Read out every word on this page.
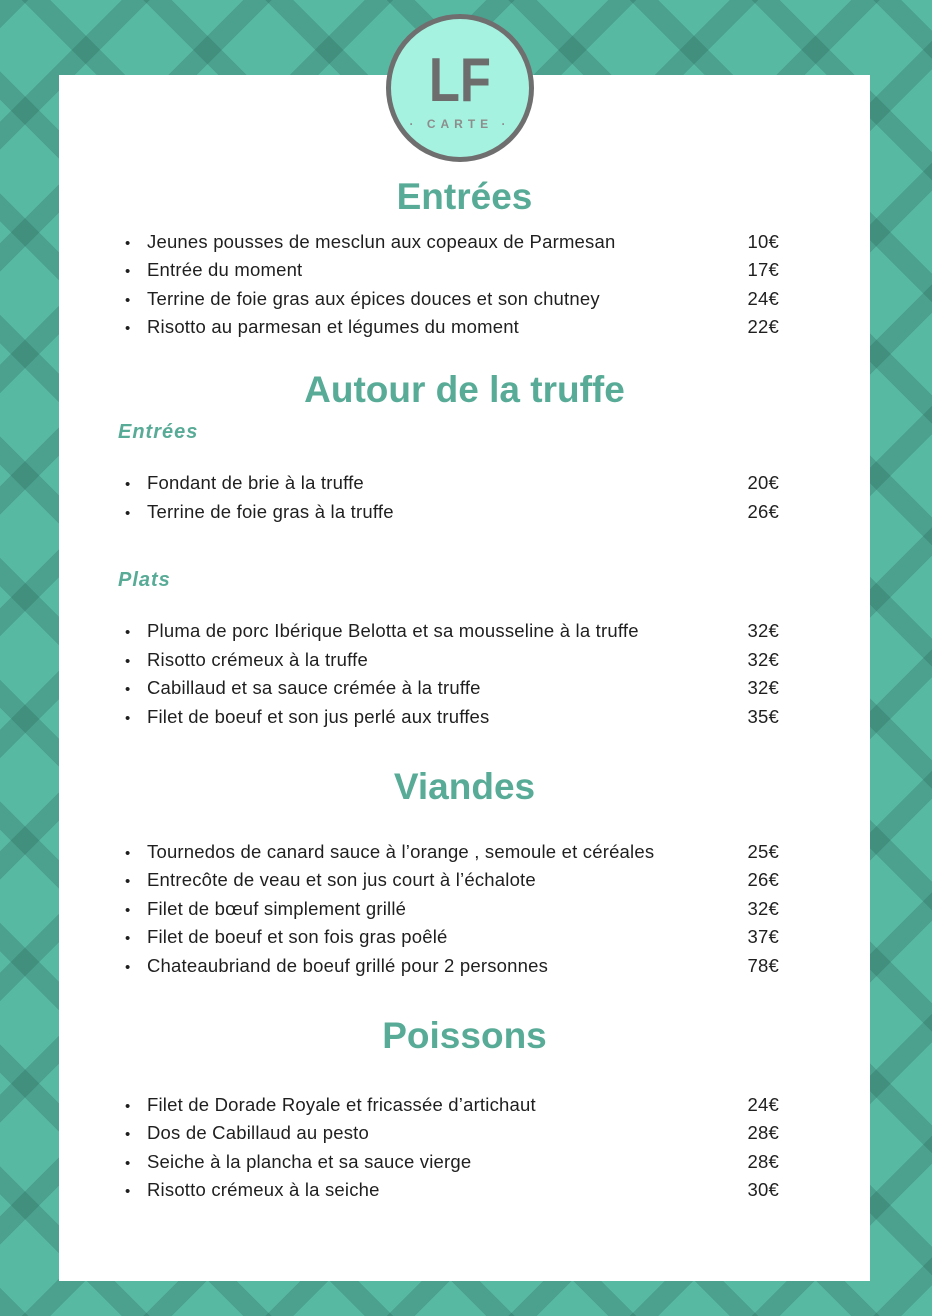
LF
· CARTE ·
Entrées
• Jeunes pousses de mesclun aux copeaux de Parmesan	10€
• Entrée du moment	17€
• Terrine de foie gras aux épices douces et son chutney	24€
• Risotto au parmesan et légumes du moment	22€
Autour de la truffe
Entrées
• Fondant de brie à la truffe	20€
• Terrine de foie gras à la truffe	26€
Plats
• Pluma de porc Ibérique Belotta et sa mousseline à la truffe	32€
• Risotto crémeux à la truffe	32€
• Cabillaud et sa sauce crémée à la truffe	32€
• Filet de boeuf et son jus perlé aux truffes	35€
Viandes
• Tournedos de canard sauce à l’orange , semoule et céréales	25€
• Entrecôte de veau et son jus court à l’échalote	26€
• Filet de bœuf simplement grillé	32€
• Filet de boeuf et son fois gras poêlé	37€
• Chateaubriand de boeuf grillé pour 2 personnes	78€
Poissons
• Filet de Dorade Royale et fricassée d’artichaut	24€
• Dos de Cabillaud au pesto	28€
• Seiche à la plancha et sa sauce vierge	28€
• Risotto crémeux à la seiche	30€
